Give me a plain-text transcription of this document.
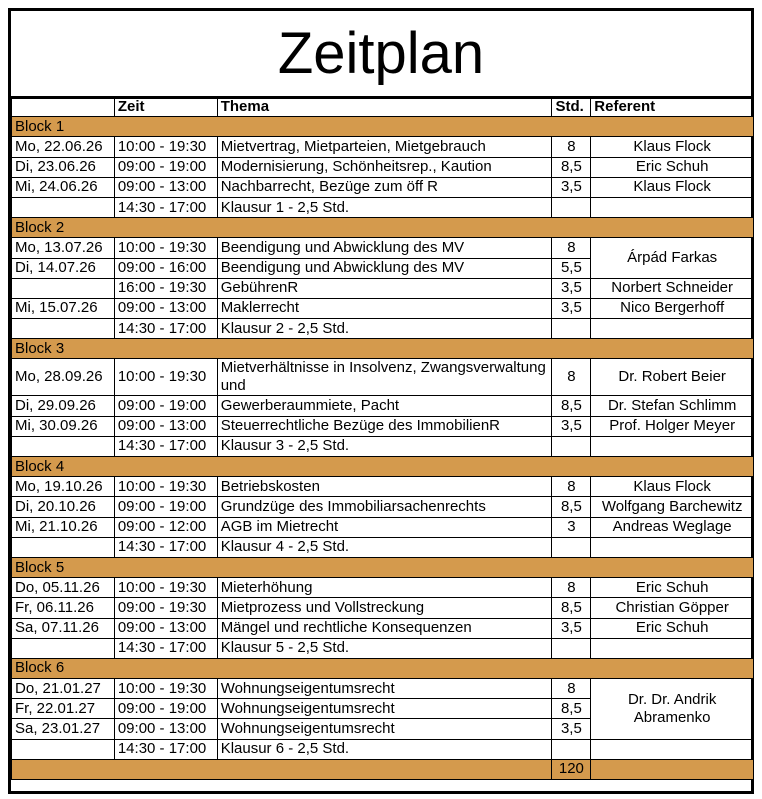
Zeitplan
	Zeit	Thema	Std.	Referent
Block 1				
Mo, 22.06.26	10:00 - 19:30	Mietvertrag, Mietparteien, Mietgebrauch	8	Klaus Flock
Di, 23.06.26	09:00 - 19:00	Modernisierung, Schönheitsrep., Kaution	8,5	Eric Schuh
Mi, 24.06.26	09:00 - 13:00	Nachbarrecht, Bezüge zum öff R	3,5	Klaus Flock
	14:30 - 17:00	Klausur 1 - 2,5 Std.		
Block 2				
Mo, 13.07.26	10:00 - 19:30	Beendigung und Abwicklung des MV	8	Árpád Farkas
Di, 14.07.26	09:00 - 16:00	Beendigung und Abwicklung des MV	5,5	
	16:00 - 19:30	GebührenR	3,5	Norbert Schneider
Mi, 15.07.26	09:00 - 13:00	Maklerrecht	3,5	Nico Bergerhoff
	14:30 - 17:00	Klausur 2 - 2,5 Std.		
Block 3				
Mo, 28.09.26	10:00 - 19:30	Mietverhältnisse in Insolvenz, Zwangsverwaltung und	8	Dr. Robert Beier
Di, 29.09.26	09:00 - 19:00	Gewerberaummiete, Pacht	8,5	Dr. Stefan Schlimm
Mi, 30.09.26	09:00 - 13:00	Steuerrechtliche Bezüge des ImmobilienR	3,5	Prof. Holger Meyer
	14:30 - 17:00	Klausur 3 - 2,5 Std.		
Block 4				
Mo, 19.10.26	10:00 - 19:30	Betriebskosten	8	Klaus Flock
Di, 20.10.26	09:00 - 19:00	Grundzüge des Immobiliarsachenrechts	8,5	Wolfgang Barchewitz
Mi, 21.10.26	09:00 - 12:00	AGB im Mietrecht	3	Andreas Weglage
	14:30 - 17:00	Klausur 4 - 2,5 Std.		
Block 5				
Do, 05.11.26	10:00 - 19:30	Mieterhöhung	8	Eric Schuh
Fr, 06.11.26	09:00 - 19:30	Mietprozess und Vollstreckung	8,5	Christian Göpper
Sa, 07.11.26	09:00 - 13:00	Mängel und rechtliche Konsequenzen	3,5	Eric Schuh
	14:30 - 17:00	Klausur 5 - 2,5 Std.		
Block 6				
Do, 21.01.27	10:00 - 19:30	Wohnungseigentumsrecht	8	Dr. Dr. Andrik Abramenko
Fr, 22.01.27	09:00 - 19:00	Wohnungseigentumsrecht	8,5	
Sa, 23.01.27	09:00 - 13:00	Wohnungseigentumsrecht	3,5	
	14:30 - 17:00	Klausur 6 - 2,5 Std.		
			120	
